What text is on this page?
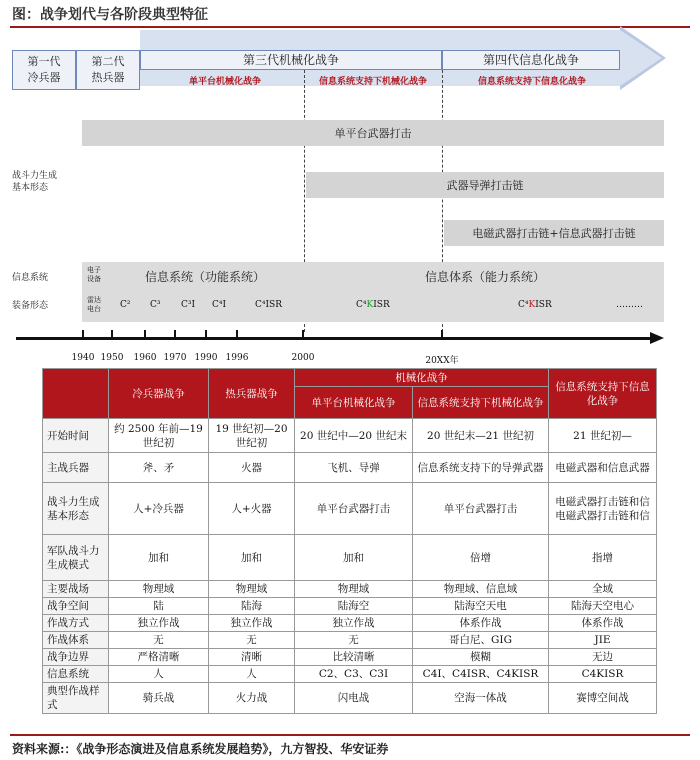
图：战争划代与各阶段典型特征
第一代
冷兵器
第二代
热兵器
第三代机械化战争	第四代信息化战争
单平台机械化战争	信息系统支持下机械化战争	信息系统支持下信息化战争
战斗力生成
基本形态
信息系统
装备形态
单平台武器打击
武器导弹打击链
电磁武器打击链+信息武器打击链
信息系统（功能系统）	信息体系（能力系统）
电子
设备
雷达
电台 C² C³ C³I C⁴I	C⁴ISR	C⁴KISR	C⁴KISR	………
1940 1950 1960 1970 1990 1996	2000	20XX年
	冷兵器战争	热兵器战争	机械化战争		信息系统支持下信息化战争
			单平台机械化战争	信息系统支持下机械化战争	
开始时间	约 2500 年前—19 世纪初	19 世纪初—20 世纪初	20 世纪中—20 世纪末	20 世纪末—21 世纪初	21 世纪初—
主战兵器	斧、矛	火器	飞机、导弹	信息系统支持下的导弹武器	电磁武器和信息武器
战斗力生成基本形态	人+冷兵器	人+火器	单平台武器打击	单平台武器打击	电磁武器打击链和信电磁武器打击链和信
军队战斗力生成模式	加和	加和	加和	倍增	指增
主要战场	物理域	物理域	物理域	物理域、信息域	全域
战争空间	陆	陆海	陆海空	陆海空天电	陆海天空电心
作战方式	独立作战	独立作战	独立作战	体系作战	体系作战
作战体系	无	无	无	哥白尼、GIG	JIE
战争边界	严格清晰	清晰	比较清晰	模糊	无边
信息系统	人	人	C2、C3、C3I	C4I、C4ISR、C4KISR	C4KISR
典型作战样式	骑兵战	火力战	闪电战	空海一体战	赛博空间战
资料来源:：《战争形态演进及信息系统发展趋势》，九方智投、华安证券
